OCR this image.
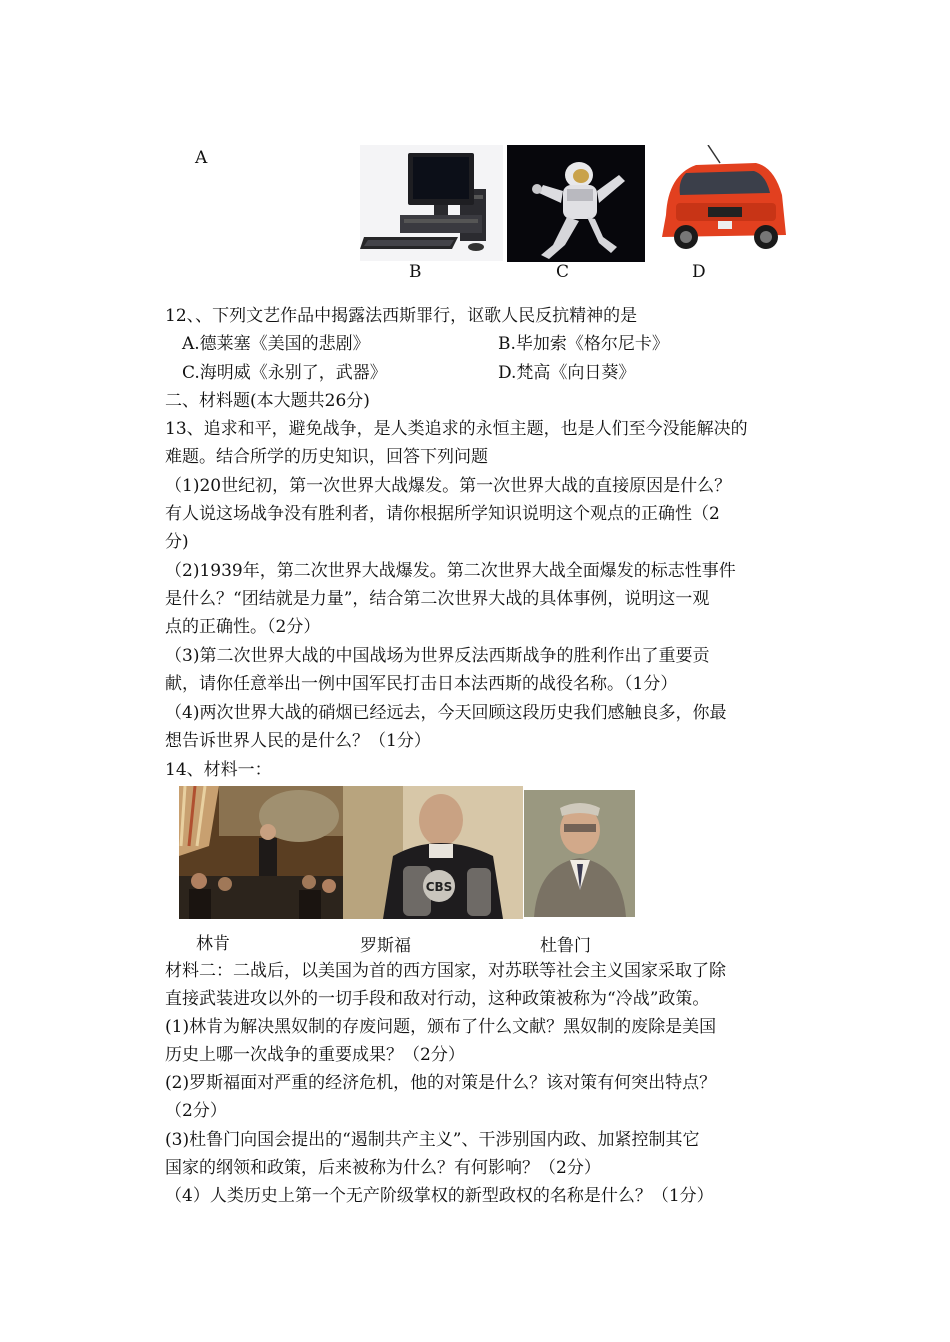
A
B	C	D
12、、下列文艺作品中揭露法西斯罪行，讴歌人民反抗精神的是
A.德莱塞《美国的悲剧》	B.毕加索《格尔尼卡》
C.海明威《永别了，武器》	D.梵高《向日葵》
二、材料题(本大题共26分)
13、追求和平，避免战争，是人类追求的永恒主题，也是人们至今没能解决的
难题。结合所学的历史知识，回答下列问题
（1)20世纪初，第一次世界大战爆发。第一次世界大战的直接原因是什么？
有人说这场战争没有胜利者，请你根据所学知识说明这个观点的正确性（2
分)
（2)1939年，第二次世界大战爆发。第二次世界大战全面爆发的标志性事件
是什么？“团结就是力量”，结合第二次世界大战的具体事例，说明这一观
点的正确性。（2分）
（3)第二次世界大战的中国战场为世界反法西斯战争的胜利作出了重要贡
献，请你任意举出一例中国军民打击日本法西斯的战役名称。（1分）
（4)两次世界大战的硝烟已经远去，今天回顾这段历史我们感触良多，你最
想告诉世界人民的是什么？（1分）
14、材料一：
CBS
林肯	罗斯福	杜鲁门
材料二：二战后，以美国为首的西方国家，对苏联等社会主义国家采取了除
直接武装进攻以外的一切手段和敌对行动，这种政策被称为“冷战”政策。
(1)林肯为解决黑奴制的存废问题，颁布了什么文献？黑奴制的废除是美国
历史上哪一次战争的重要成果？（2分）
(2)罗斯福面对严重的经济危机，他的对策是什么？该对策有何突出特点？
（2分）
(3)杜鲁门向国会提出的“遏制共产主义”、干涉别国内政、加紧控制其它
国家的纲领和政策，后来被称为什么？有何影响？（2分）
（4）人类历史上第一个无产阶级掌权的新型政权的名称是什么？（1分）
